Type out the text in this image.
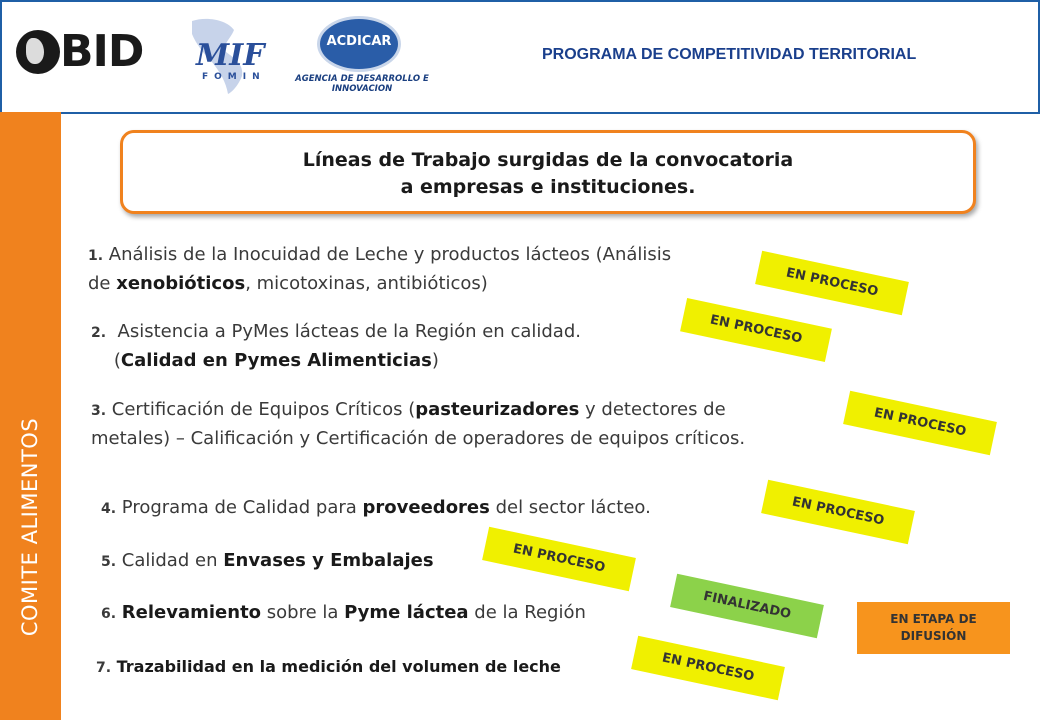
BID MIF
FOMIN
ACDICAR
AGENCIA DE DESARROLLO E INNOVACION
PROGRAMA DE COMPETITIVIDAD TERRITORIAL
COMITE ALIMENTOS
Líneas de Trabajo surgidas de la convocatoria
a empresas e instituciones.
1. Análisis de la Inocuidad de Leche y productos lácteos (Análisis
de xenobióticos, micotoxinas, antibióticos)
2.  Asistencia a PyMes lácteas de la Región en calidad.
(Calidad en Pymes Alimenticias)
3. Certificación de Equipos Críticos (pasteurizadores y detectores de
metales) – Calificación y Certificación de operadores de equipos críticos.
4. Programa de Calidad para proveedores del sector lácteo.
5. Calidad en Envases y Embalajes
6. Relevamiento sobre la Pyme láctea de la Región
7. Trazabilidad en la medición del volumen de leche
EN PROCESO
EN PROCESO
EN PROCESO
EN PROCESO
EN PROCESO
FINALIZADO
EN PROCESO
EN ETAPA DE DIFUSIÓN
